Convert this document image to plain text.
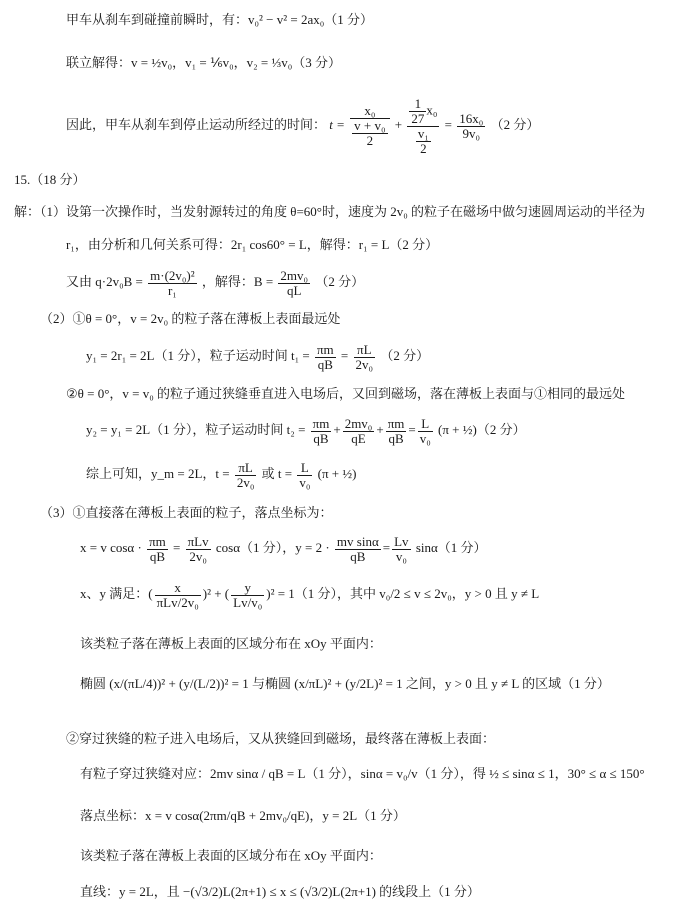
甲车从刹车到碰撞前瞬时，有：v₀² − v² = 2ax₀（1 分）
联立解得：v = ½v₀，v₁ = ⅙v₀，v₂ = ⅓v₀（3 分）
因此，甲车从刹车到停止运动所经过的时间： $t = \frac{\text{x₀}}{\frac{\text{v + v₀}}{2}} + \frac{\frac{1}{27} x_0}{\frac{\text{v₁}}{2}} = \frac{\text{16x₀}}{\text{9v₀}} (2$ 分）
15.（18 分）
解：（1）设第一次操作时，当发射源转过的角度 θ=60°时，速度为 2v₀ 的粒子在磁场中做匀速圆周运动的半径为
r₁，由分析和几何关系可得：2r₁ cos60° = L，解得：r₁ = L（2 分）
又由 $q\cdot 2v_0B = \frac{\text{m·(2v₀)²}}{\text{r₁}}$ ，解得：$B = \frac{\text{2mv₀}}{qL} (2$ 分）
（2）①θ = 0°，v = 2v₀ 的粒子落在薄板上表面最远处
y₁ = 2r₁ = 2L（1 分），粒子运动时间 $t_1 = \frac{\pi m}{qB} = \frac{\pi L}{\text{2v₀}} (2$ 分）
②θ = 0°，v = v₀ 的粒子通过狭缝垂直进入电场后，又回到磁场，落在薄板上表面与①相同的最远处
y₂ = y₁ = 2L（1 分），粒子运动时间 $t_2 = \frac{\pi m}{qB} + \frac{\text{2mv₀}}{qE} + \frac{\pi m}{qB} = \frac{L}{\text{v₀}} (\pi$ + ½)（2 分）
综上可知，y_m = 2L，$t = \frac{\pi L}{\text{2v₀}}$ 或 $t = \frac{L}{\text{v₀}} (\pi$ + ½)
（3）①直接落在薄板上表面的粒子，落点坐标为：
x = v $\cos\alpha \cdot \frac{\pi m}{qB} = \frac{\text{πLv}}{\text{2v₀}} \cos\alpha(1$ 分），$y = 2 \cdot \frac{\text{mv sinα}}{qB} = \frac{Lv}{\text{v₀}} \sin\alpha(1$ 分）
x、y 满足：( $\frac{x}{\text{πLv/2v₀}} )^2$ + ( $\frac{y}{\text{Lv/v₀}} )^2 = 1(1$ 分），其中 v₀/2 ≤ v ≤ 2v₀，y > 0 且 y ≠ L
该类粒子落在薄板上表面的区域分布在 xOy 平面内：
椭圆 (x/(πL/4))² + (y/(L/2))² = 1 与椭圆 (x/πL)² + (y/2L)² = 1 之间，y > 0 且 y ≠ L 的区域（1 分）
②穿过狭缝的粒子进入电场后，又从狭缝回到磁场，最终落在薄板上表面：
有粒子穿过狭缝对应：2mv sinα / qB = L（1 分），sinα = v₀/v（1 分），得 ½ ≤ sinα ≤ 1，30° ≤ α ≤ 150°
落点坐标：x = v cosα(2πm/qB + 2mv₀/qE)，y = 2L（1 分）
该类粒子落在薄板上表面的区域分布在 xOy 平面内：
直线：y = 2L，且 −(√3/2)L(2π+1) ≤ x ≤ (√3/2)L(2π+1) 的线段上（1 分）
